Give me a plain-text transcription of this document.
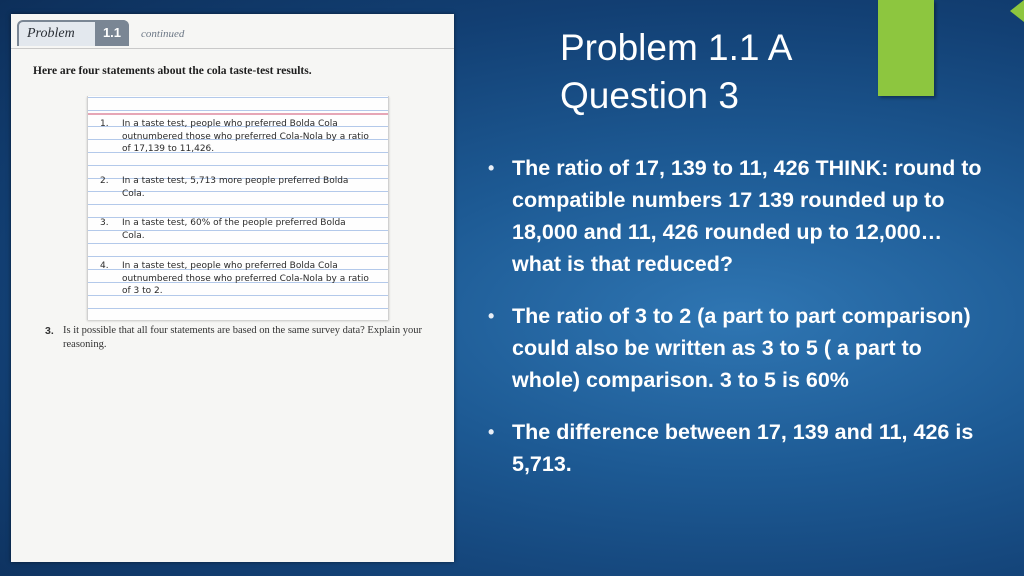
Problem	1.1	continued
Here are four statements about the cola taste-test results.
1. In a taste test, people who preferred Bolda Cola outnumbered those who preferred Cola-Nola by a ratio of 17,139 to 11,426.
2. In a taste test, 5,713 more people preferred Bolda Cola.
3. In a taste test, 60% of the people preferred Bolda Cola.
4. In a taste test, people who preferred Bolda Cola outnumbered those who preferred Cola-Nola by a ratio of 3 to 2.
3. Is it possible that all four statements are based on the same survey data? Explain your reasoning.
Problem 1.1 A
Question 3
• The ratio of 17, 139 to 11, 426 THINK: round to compatible numbers 17 139 rounded up to 18,000 and 11, 426 rounded up to 12,000…what is that reduced?
• The ratio of 3 to 2 (a part to part comparison) could also be written as 3 to 5 ( a part to whole) comparison. 3 to 5 is 60%
• The difference between 17, 139 and 11, 426 is 5,713.
